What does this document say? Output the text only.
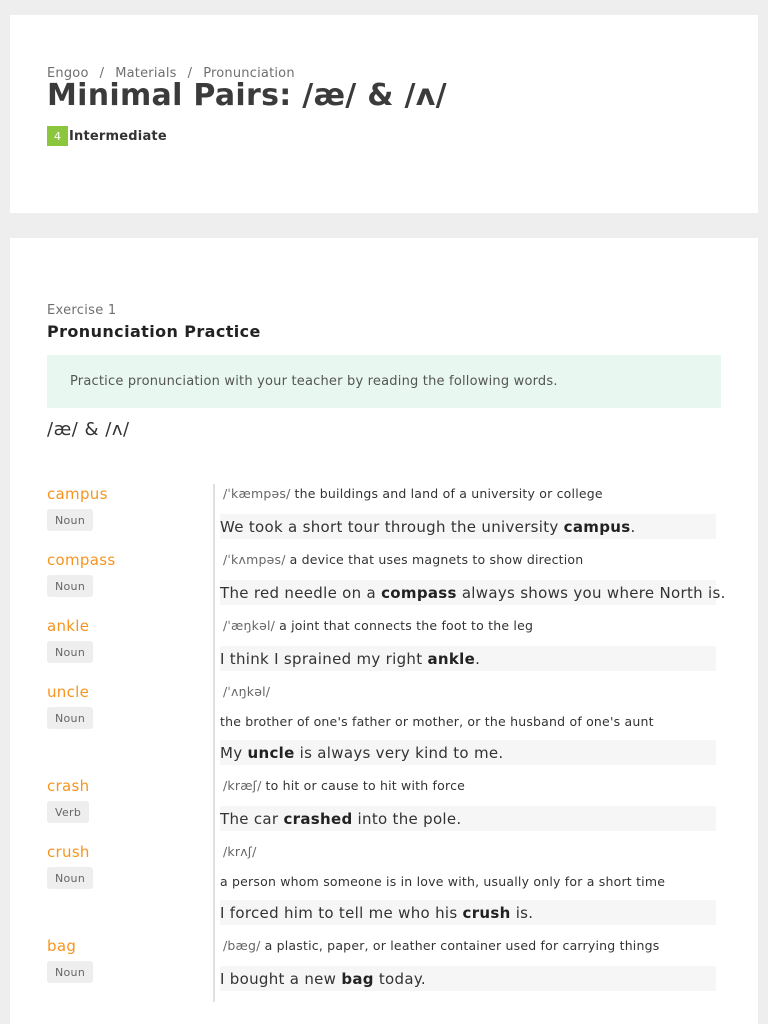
Engoo / Materials / Pronunciation
Minimal Pairs: /æ/ & /ʌ/
4 Intermediate
Exercise 1
Pronunciation Practice
Practice pronunciation with your teacher by reading the following words.
/æ/ & /ʌ/
campus
Noun
/ˈkæmpəs/ the buildings and land of a university or college
We took a short tour through the university campus .
compass
Noun
/ˈkʌmpəs/ a device that uses magnets to show direction
The red needle on a compass always shows you where North is.
ankle
Noun
/ˈæŋkəl/ a joint that connects the foot to the leg
I think I sprained my right ankle .
uncle
Noun
/ˈʌŋkəl/
the brother of one's father or mother, or the husband of one's aunt
My uncle is always very kind to me.
crash
Verb
/kræʃ/ to hit or cause to hit with force
The car crashed into the pole.
crush
Noun
/krʌʃ/
a person whom someone is in love with, usually only for a short time
I forced him to tell me who his crush is.
bag
Noun
/bæg/ a plastic, paper, or leather container used for carrying things
I bought a new bag today.
